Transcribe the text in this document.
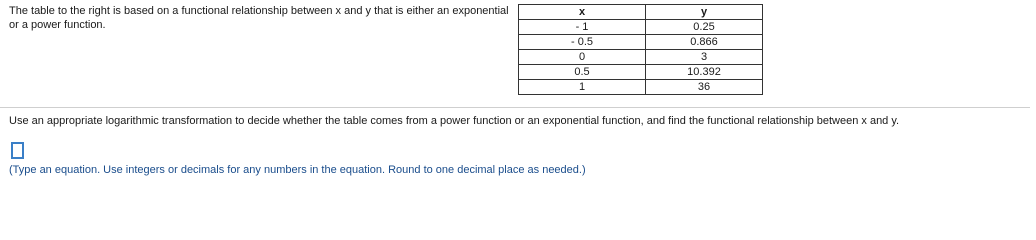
The table to the right is based on a functional relationship between x and y that is either an exponential or a power function.
x	y
- 1	0.25
- 0.5	0.866
0	3
0.5	10.392
1	36
Use an appropriate logarithmic transformation to decide whether the table comes from a power function or an exponential function, and find the functional relationship between x and y.
(Type an equation. Use integers or decimals for any numbers in the equation. Round to one decimal place as needed.)
